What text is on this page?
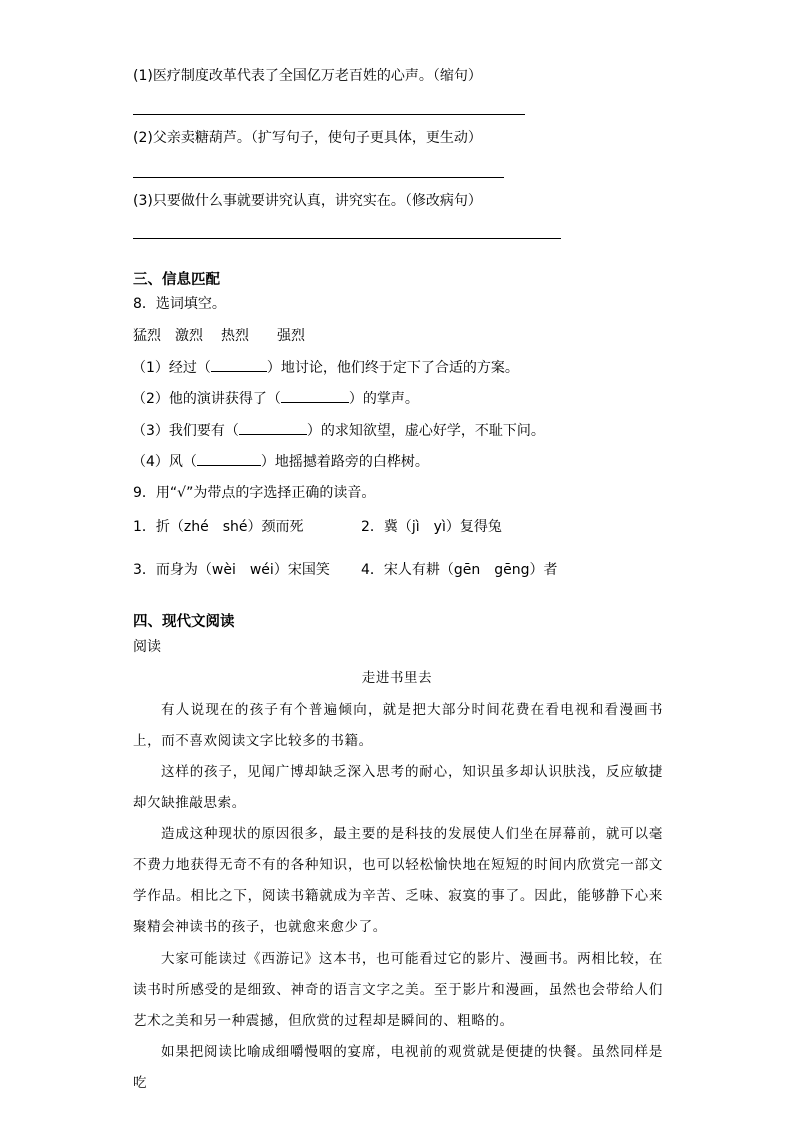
(1)医疗制度改革代表了全国亿万老百姓的心声。（缩句）
(2)父亲卖糖葫芦。（扩写句子，使句子更具体，更生动）
(3)只要做什么事就要讲究认真，讲究实在。（修改病句）
三、信息匹配
8．选词填空。
猛烈 激烈 热烈 强烈
（1）经过（	）地讨论，他们终于定下了合适的方案。
（2）他的演讲获得了（	）的掌声。
（3）我们要有（	）的求知欲望，虚心好学，不耻下问。
（4）风（	）地摇撼着路旁的白桦树。
9．用“√”为带点的字选择正确的读音。
1．折（zhé　shé）颈而死	2．冀（jì　yì）复得兔
3．而身为（wèi　wéi）宋国笑 4．宋人有耕（gēn　gēng）者
四、现代文阅读
阅读
走进书里去
有人说现在的孩子有个普遍倾向，就是把大部分时间花费在看电视和看漫画书上，而不喜欢阅读文字比较多的书籍。
这样的孩子，见闻广博却缺乏深入思考的耐心，知识虽多却认识肤浅，反应敏捷却欠缺推敲思索。
造成这种现状的原因很多，最主要的是科技的发展使人们坐在屏幕前，就可以毫不费力地获得无奇不有的各种知识，也可以轻松愉快地在短短的时间内欣赏完一部文学作品。相比之下，阅读书籍就成为辛苦、乏味、寂寞的事了。因此，能够静下心来聚精会神读书的孩子，也就愈来愈少了。
大家可能读过《西游记》这本书，也可能看过它的影片、漫画书。两相比较，在读书时所感受的是细致、神奇的语言文字之美。至于影片和漫画，虽然也会带给人们艺术之美和另一种震撼，但欣赏的过程却是瞬间的、粗略的。
如果把阅读比喻成细嚼慢咽的宴席，电视前的观赏就是便捷的快餐。虽然同样是吃
